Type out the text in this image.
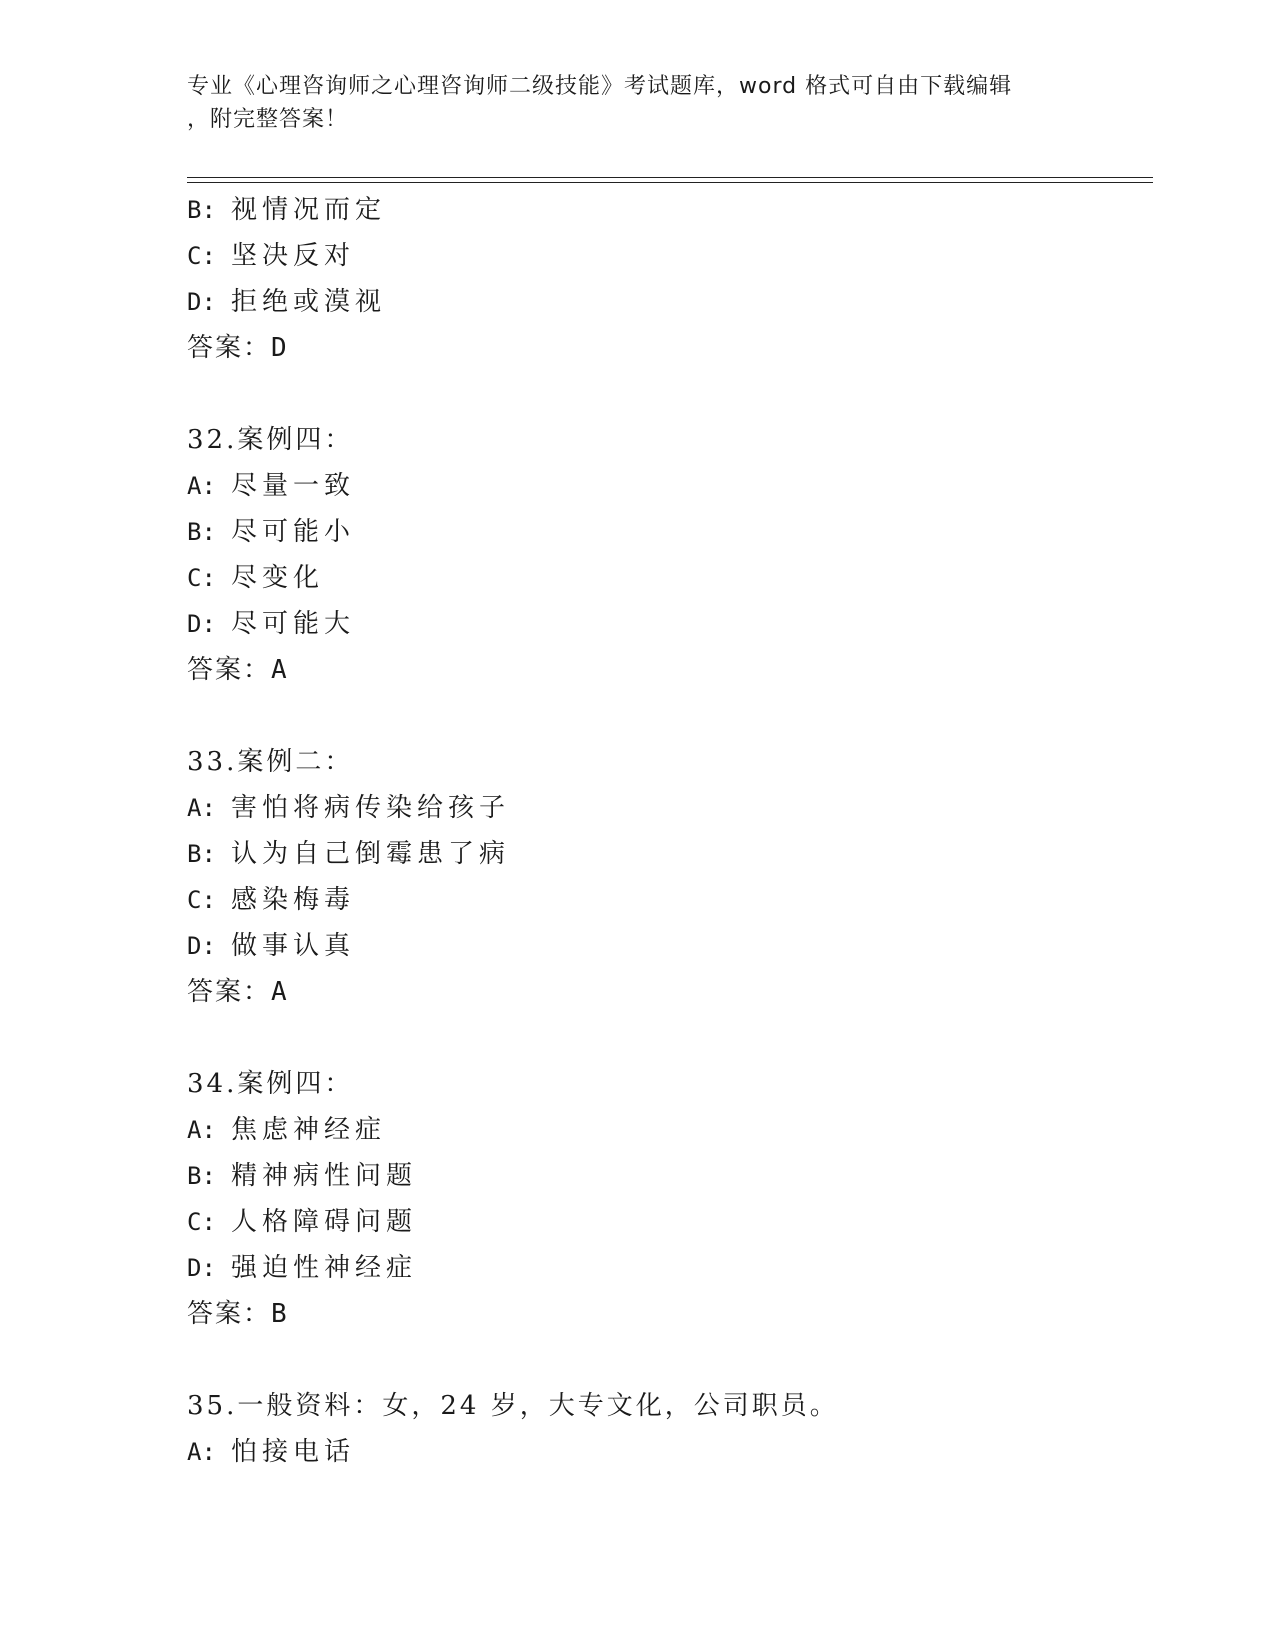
专业《心理咨询师之心理咨询师二级技能》考试题库，word 格式可自由下载编辑
，附完整答案！
B: 视情况而定
C: 坚决反对
D: 拒绝或漠视
答案：D
32.案例四：
A: 尽量一致
B: 尽可能小
C: 尽变化
D: 尽可能大
答案：A
33.案例二：
A: 害怕将病传染给孩子
B: 认为自己倒霉患了病
C: 感染梅毒
D: 做事认真
答案：A
34.案例四：
A: 焦虑神经症
B: 精神病性问题
C: 人格障碍问题
D: 强迫性神经症
答案：B
35.一般资料：女，24 岁，大专文化，公司职员。
A: 怕接电话
